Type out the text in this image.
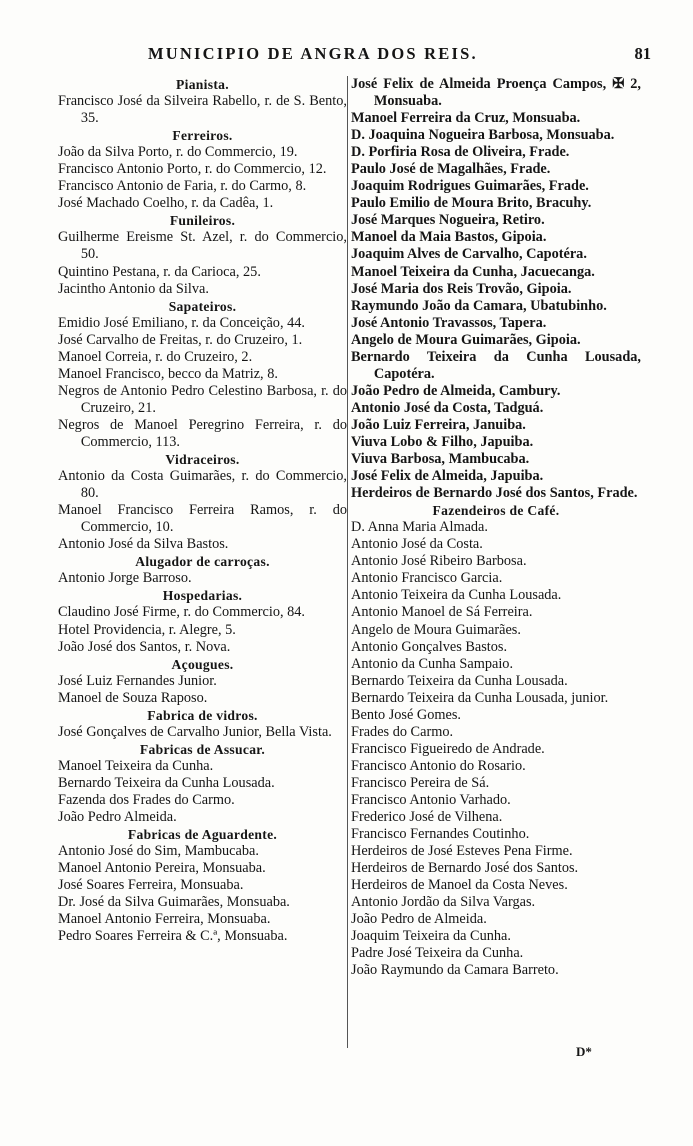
MUNICIPIO DE ANGRA DOS REIS.	81
Pianista.
Francisco José da Silveira Rabello, r. de S. Bento, 35.
Ferreiros.
João da Silva Porto, r. do Commercio, 19.
Francisco Antonio Porto, r. do Commercio, 12.
Francisco Antonio de Faria, r. do Carmo, 8.
José Machado Coelho, r. da Cadêa, 1.
Funileiros.
Guilherme Ereisme St. Azel, r. do Commercio, 50.
Quintino Pestana, r. da Carioca, 25.
Jacintho Antonio da Silva.
Sapateiros.
Emidio José Emiliano, r. da Conceição, 44.
José Carvalho de Freitas, r. do Cruzeiro, 1.
Manoel Correia, r. do Cruzeiro, 2.
Manoel Francisco, becco da Matriz, 8.
Negros de Antonio Pedro Celestino Barbosa, r. do Cruzeiro, 21.
Negros de Manoel Peregrino Ferreira, r. do Commercio, 113.
Vidraceiros.
Antonio da Costa Guimarães, r. do Commercio, 80.
Manoel Francisco Ferreira Ramos, r. do Commercio, 10.
Antonio José da Silva Bastos.
Alugador de carroças.
Antonio Jorge Barroso.
Hospedarias.
Claudino José Firme, r. do Commercio, 84.
Hotel Providencia, r. Alegre, 5.
João José dos Santos, r. Nova.
Açougues.
José Luiz Fernandes Junior.
Manoel de Souza Raposo.
Fabrica de vidros.
José Gonçalves de Carvalho Junior, Bella Vista.
Fabricas de Assucar.
Manoel Teixeira da Cunha.
Bernardo Teixeira da Cunha Lousada.
Fazenda dos Frades do Carmo.
João Pedro Almeida.
Fabricas de Aguardente.
Antonio José do Sim, Mambucaba.
Manoel Antonio Pereira, Monsuaba.
José Soares Ferreira, Monsuaba.
Dr. José da Silva Guimarães, Monsuaba.
Manoel Antonio Ferreira, Monsuaba.
Pedro Soares Ferreira & C.ª, Monsuaba.
José Felix de Almeida Proença Campos, ✠ 2, Monsuaba.
Manoel Ferreira da Cruz, Monsuaba.
D. Joaquina Nogueira Barbosa, Monsuaba.
D. Porfiria Rosa de Oliveira, Frade.
Paulo José de Magalhães, Frade.
Joaquim Rodrigues Guimarães, Frade.
Paulo Emilio de Moura Brito, Bracuhy.
José Marques Nogueira, Retiro.
Manoel da Maia Bastos, Gipoia.
Joaquim Alves de Carvalho, Capotéra.
Manoel Teixeira da Cunha, Jacuecanga.
José Maria dos Reis Trovão, Gipoia.
Raymundo João da Camara, Ubatubinho.
José Antonio Travassos, Tapera.
Angelo de Moura Guimarães, Gipoia.
Bernardo Teixeira da Cunha Lousada, Capotéra.
João Pedro de Almeida, Cambury.
Antonio José da Costa, Tadguá.
João Luiz Ferreira, Januiba.
Viuva Lobo & Filho, Japuiba.
Viuva Barbosa, Mambucaba.
José Felix de Almeida, Japuiba.
Herdeiros de Bernardo José dos Santos, Frade.
Fazendeiros de Café.
D. Anna Maria Almada.
Antonio José da Costa.
Antonio José Ribeiro Barbosa.
Antonio Francisco Garcia.
Antonio Teixeira da Cunha Lousada.
Antonio Manoel de Sá Ferreira.
Angelo de Moura Guimarães.
Antonio Gonçalves Bastos.
Antonio da Cunha Sampaio.
Bernardo Teixeira da Cunha Lousada.
Bernardo Teixeira da Cunha Lousada, junior.
Bento José Gomes.
Frades do Carmo.
Francisco Figueiredo de Andrade.
Francisco Antonio do Rosario.
Francisco Pereira de Sá.
Francisco Antonio Varhado.
Frederico José de Vilhena.
Francisco Fernandes Coutinho.
Herdeiros de José Esteves Pena Firme.
Herdeiros de Bernardo José dos Santos.
Herdeiros de Manoel da Costa Neves.
Antonio Jordão da Silva Vargas.
João Pedro de Almeida.
Joaquim Teixeira da Cunha.
Padre José Teixeira da Cunha.
João Raymundo da Camara Barreto.
D*
